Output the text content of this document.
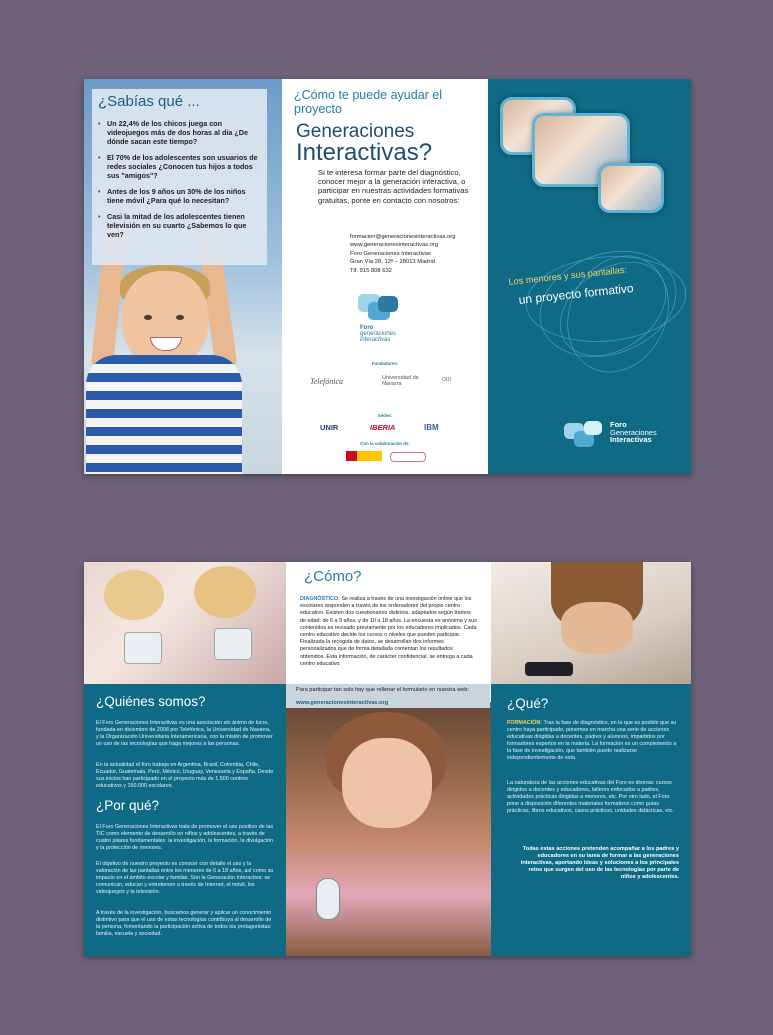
¿Sabías qué ...
• Un 22,4% de los chicos juega con videojuegos más de dos horas al día ¿De dónde sacan este tiempo?
• El 70% de los adolescentes son usuarios de redes sociales ¿Conocen tus hijos a todos sus "amigos"?
• Antes de los 9 años un 30% de los niños tiene móvil ¿Para qué lo necesitan?
• Casi la mitad de los adolescentes tienen televisión en su cuarto ¿Sabemos lo que ven?
¿Cómo te puede ayudar el proyecto
Generaciones
Interactivas?
Si te interesa formar parte del diagnóstico, conocer mejor a la generación interactiva, o participar en nuestras actividades formativas gratuitas, ponte en contacto con nosotros:
formacion@generacionesinteractivas.org
www.generacionesinteractivas.org
Foro Generaciones Interactivas
Gran Vía 28, 12ª – 28013 Madrid
Tlf. 915 808 632
Foro
generaciones
interactivas
Fundadores:
Telefónica	Universidad de Navarra
OUI
Sedes:
UNIR	IBERIA	IBM
Con la colaboración de:
Los menores y sus pantallas:
un proyecto formativo
Foro
Generaciones
Interactivas
¿Cómo?
DIAGNÓSTICO: Se realiza a través de una investigación online que los escolares responden a través de los ordenadores del propio centro educativo. Existen dos cuestionarios distintos, adaptados según tramos de edad: de 6 a 9 años, y de 10 a 18 años. La encuesta es anónima y sus contenidos es revisado previamente por los educadores implicados. Cada centro educativo decide los cursos o niveles que pueden participar. Finalizada la recogida de datos, se desarrollan dos informes personalizados que de forma detallada comentan los resultados obtenidos. Esta información, de carácter confidencial, se entrega a cada centro educativo.
Para participar tan solo hay que rellenar el formulario en nuestra web:
www.generacionesinteractivas.org
¿Quiénes somos?
El Foro Generaciones Interactivas es una asociación sin ánimo de lucro, fundada en diciembre de 2008 por Telefónica, la Universidad de Navarra, y la Organización Universitaria Interamericana, con la misión de promover un uso de las tecnologías que haga mejores a las personas.
En la actualidad el foro trabaja en Argentina, Brasil, Colombia, Chile, Ecuador, Guatemala, Perú, México, Uruguay, Venezuela y España. Desde sus inicios han participado en el proyecto más de 1.500 centros educativos y 150.000 escolares.
¿Por qué?
El Foro Generaciones Interactivas trata de promover el uso positivo de las TIC como elemento de desarrollo en niños y adolescentes, a través de cuatro pilares fundamentales: la investigación, la formación, la divulgación y la protección de menores.
El objetivo de nuestro proyecto es conocer con detalle el uso y la valoración de las pantallas entre los menores de 6 a 18 años, así como su impacto en el ámbito escolar y familiar. Son la Generación Interactiva: se comunican, educan y entretienen a través de Internet, el móvil, los videojuegos y la televisión.
A través de la investigación, buscamos generar y aplicar un conocimiento distintivo para que el uso de estas tecnologías contribuya al desarrollo de la persona, fomentando la participación activa de todos los protagonistas: familia, escuela y sociedad.
¿Qué?
FORMACIÓN: Tras la fase de diagnóstico, en la que es posible que su centro haya participado, ponemos en marcha una serie de acciones educativas dirigidas a docentes, padres y alumnos, impartidos por formadores expertos en la materia. La formación es un complemento a la fase de investigación, que también puede realizarse independientemente de esta.
La naturaleza de las acciones educativas del Foro es diversa: cursos dirigidos a docentes y educadores, talleres enfocados a padres, actividades prácticas dirigidas a menores, etc. Por otro lado, el Foro pone a disposición diferentes materiales formativos como guías prácticas, libros educativos, casos prácticos, unidades didácticas, etc.
Todas estas acciones pretenden acompañar a los padres y educadores en su tarea de formar a las generaciones interactivas, aportando ideas y soluciones a los principales retos que surgen del uso de las tecnologías por parte de niños y adolescentes.
